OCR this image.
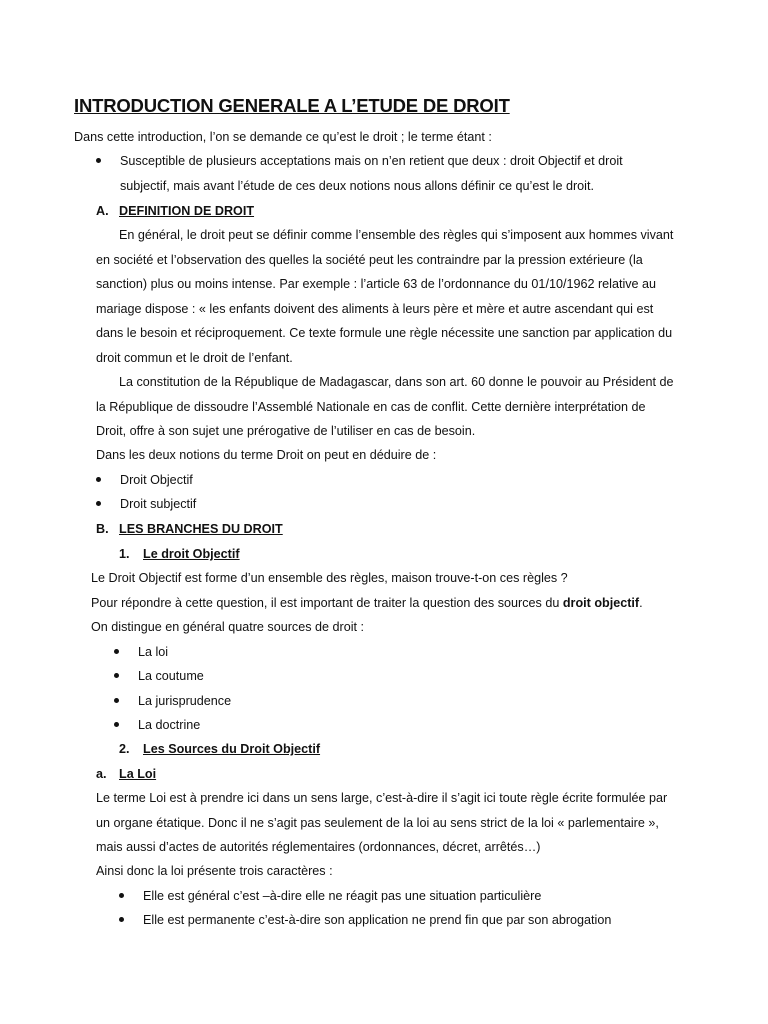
INTRODUCTION GENERALE A L’ETUDE DE DROIT
Dans cette introduction, l’on se demande ce qu’est le droit ; le terme étant :
Susceptible de plusieurs acceptations mais on n’en retient que deux : droit Objectif et droit
subjectif, mais avant l’étude de ces deux notions nous allons définir ce qu’est le droit.
A. DEFINITION DE DROIT
En général, le droit peut se définir comme l’ensemble des règles qui s’imposent aux hommes vivant
en société et l’observation des quelles la société peut les contraindre par la pression extérieure (la
sanction) plus ou moins intense. Par exemple : l’article 63 de l’ordonnance du 01/10/1962 relative au
mariage dispose : « les enfants doivent des aliments à leurs père et mère et autre ascendant qui est
dans le besoin et réciproquement. Ce texte formule une règle nécessite une sanction par application du
droit commun et le droit de l’enfant.
La constitution de la République de Madagascar, dans son art. 60 donne le pouvoir au Président de
la République de dissoudre l’Assemblé Nationale en cas de conflit. Cette dernière interprétation de
Droit, offre à son sujet une prérogative de l’utiliser en cas de besoin.
Dans les deux notions du terme Droit on peut en déduire de :
Droit Objectif
Droit subjectif
B. LES BRANCHES DU DROIT
1. Le droit Objectif
Le Droit Objectif est forme d’un ensemble des règles, maison trouve-t-on ces règles ?
Pour répondre à cette question, il est important de traiter la question des sources du droit objectif.
On distingue en général quatre sources de droit :
La loi
La coutume
La jurisprudence
La doctrine
2. Les Sources du Droit Objectif
a. La Loi
Le terme Loi est à prendre ici dans un sens large, c’est-à-dire il s’agit ici toute règle écrite formulée par
un organe étatique. Donc il ne s’agit pas seulement de la loi au sens strict de la loi « parlementaire »,
mais aussi d’actes de autorités réglementaires (ordonnances, décret, arrêtés…)
Ainsi donc la loi présente trois caractères :
Elle est général c’est –à-dire elle ne réagit pas une situation particulière
Elle est permanente c’est-à-dire son application ne prend fin que par son abrogation
